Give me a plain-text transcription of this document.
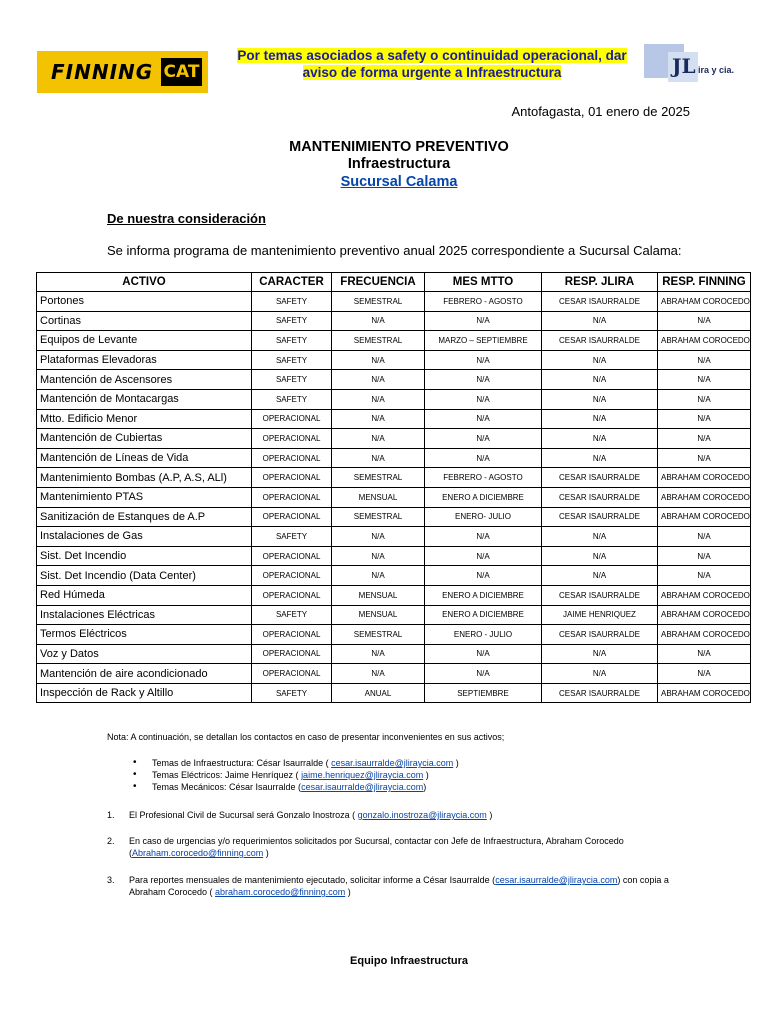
FINNING CAT
Por temas asociados a safety o continuidad operacional, dar
aviso de forma urgente a Infraestructura	JL ira y cia.
Antofagasta, 01 enero de 2025
MANTENIMIENTO PREVENTIVO
Infraestructura
Sucursal Calama
De nuestra consideración
Se informa programa de mantenimiento preventivo anual 2025 correspondiente a Sucursal Calama:
ACTIVO	CARACTER	FRECUENCIA	MES MTTO	RESP. JLIRA	RESP. FINNING
Portones	SAFETY	SEMESTRAL	FEBRERO - AGOSTO	CESAR ISAURRALDE	ABRAHAM COROCEDO
Cortinas	SAFETY	N/A	N/A	N/A	N/A
Equipos de Levante	SAFETY	SEMESTRAL	MARZO – SEPTIEMBRE	CESAR ISAURRALDE	ABRAHAM COROCEDO
Plataformas Elevadoras	SAFETY	N/A	N/A	N/A	N/A
Mantención de Ascensores	SAFETY	N/A	N/A	N/A	N/A
Mantención de Montacargas	SAFETY	N/A	N/A	N/A	N/A
Mtto. Edificio Menor	OPERACIONAL	N/A	N/A	N/A	N/A
Mantención de Cubiertas	OPERACIONAL	N/A	N/A	N/A	N/A
Mantención de Líneas de Vida	OPERACIONAL	N/A	N/A	N/A	N/A
Mantenimiento Bombas (A.P, A.S, ALl)	OPERACIONAL	SEMESTRAL	FEBRERO - AGOSTO	CESAR ISAURRALDE	ABRAHAM COROCEDO
Mantenimiento PTAS	OPERACIONAL	MENSUAL	ENERO A DICIEMBRE	CESAR ISAURRALDE	ABRAHAM COROCEDO
Sanitización de Estanques de A.P	OPERACIONAL	SEMESTRAL	ENERO- JULIO	CESAR ISAURRALDE	ABRAHAM COROCEDO
Instalaciones de Gas	SAFETY	N/A	N/A	N/A	N/A
Sist. Det Incendio	OPERACIONAL	N/A	N/A	N/A	N/A
Sist. Det Incendio (Data Center)	OPERACIONAL	N/A	N/A	N/A	N/A
Red Húmeda	OPERACIONAL	MENSUAL	ENERO A DICIEMBRE	CESAR ISAURRALDE	ABRAHAM COROCEDO
Instalaciones Eléctricas	SAFETY	MENSUAL	ENERO A DICIEMBRE	JAIME HENRIQUEZ	ABRAHAM COROCEDO
Termos Eléctricos	OPERACIONAL	SEMESTRAL	ENERO - JULIO	CESAR ISAURRALDE	ABRAHAM COROCEDO
Voz y Datos	OPERACIONAL	N/A	N/A	N/A	N/A
Mantención de aire acondicionado	OPERACIONAL	N/A	N/A	N/A	N/A
Inspección de Rack y Altillo	SAFETY	ANUAL	SEPTIEMBRE	CESAR ISAURRALDE	ABRAHAM COROCEDO

Nota: A continuación, se detallan los contactos en caso de presentar inconvenientes en sus activos;

• Temas de Infraestructura: César Isaurralde ( cesar.isaurralde@jliraycia.com )
• Temas Eléctricos: Jaime Henríquez ( jaime.henriquez@jliraycia.com )
• Temas Mecánicos: César Isaurralde (cesar.isaurralde@jliraycia.com)
1. El Profesional Civil de Sucursal será Gonzalo Inostroza ( gonzalo.inostroza@jliraycia.com )
2. En caso de urgencias y/o requerimientos solicitados por Sucursal, contactar con Jefe de Infraestructura, Abraham Corocedo (Abraham.corocedo@finning.com )
3. Para reportes mensuales de mantenimiento ejecutado, solicitar informe a César Isaurralde (cesar.isaurralde@jliraycia.com) con copia a Abraham Corocedo ( abraham.corocedo@finning.com )
Equipo Infraestructura
